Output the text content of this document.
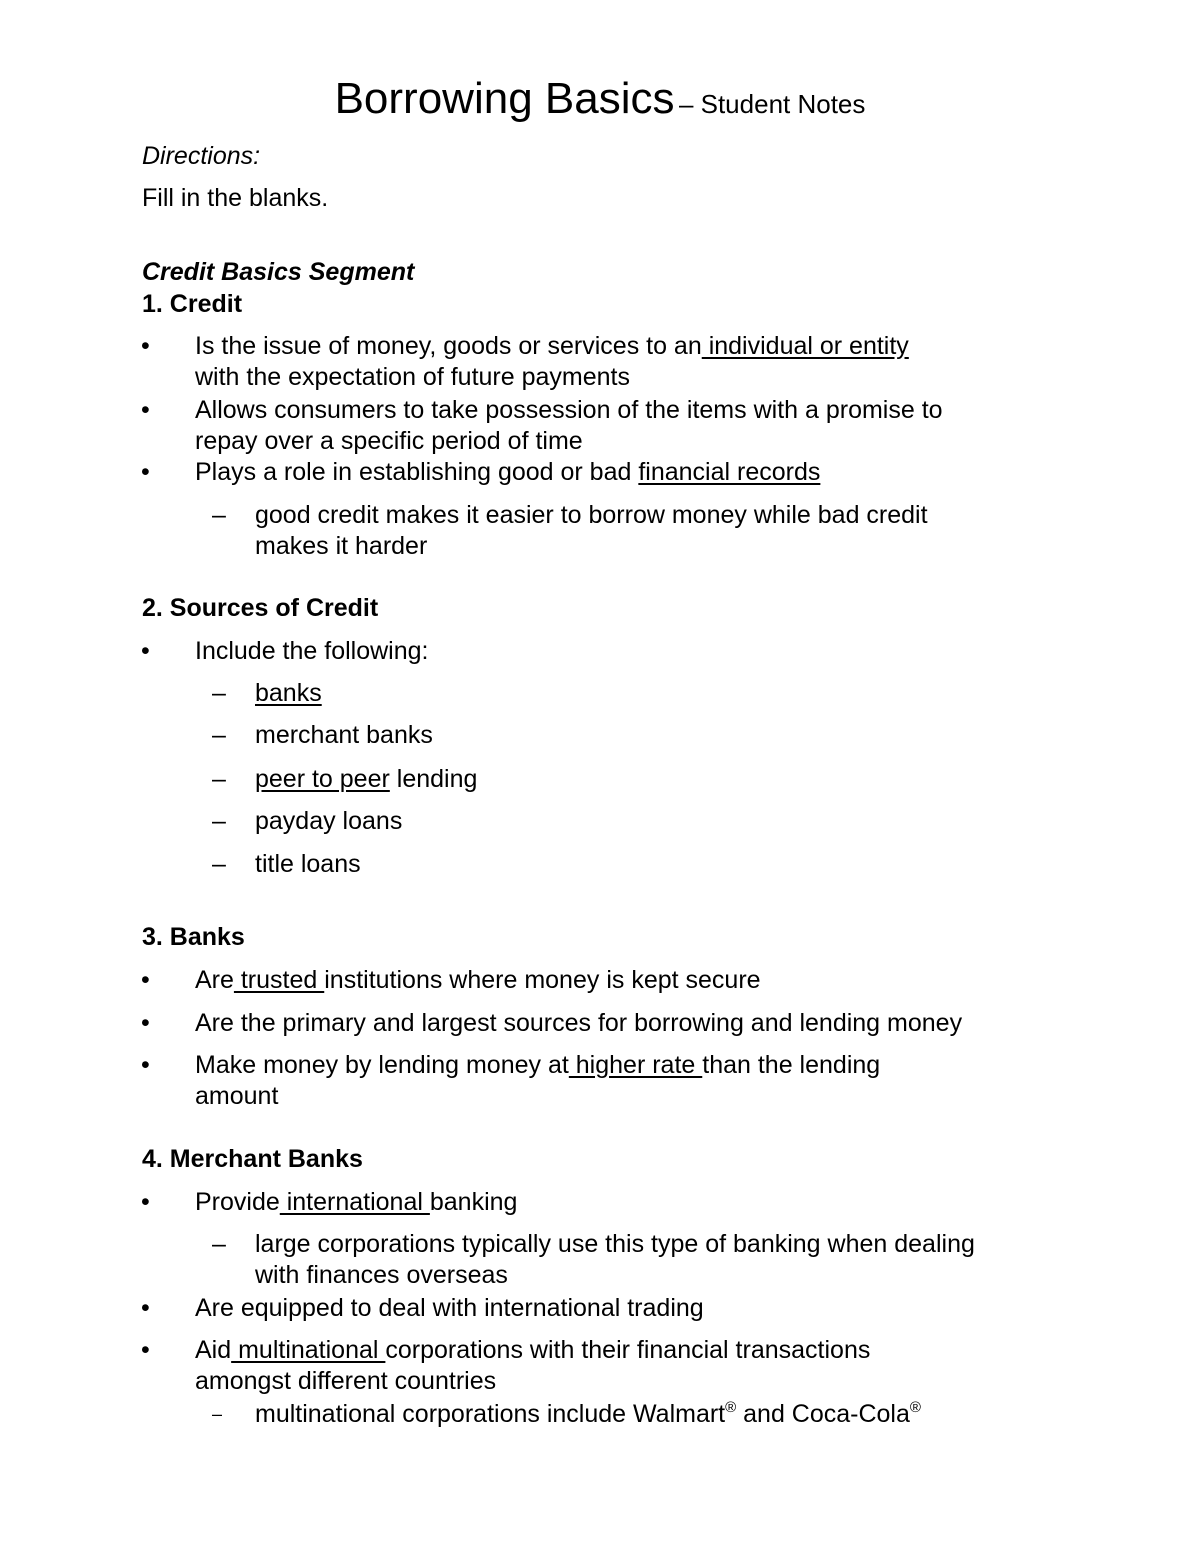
Borrowing Basics – Student Notes
Directions:
Fill in the blanks.
Credit Basics Segment
1. Credit
• Is the issue of money, goods or services to an individual or entity
with the expectation of future payments
• Allows consumers to take possession of the items with a promise to
repay over a specific period of time
• Plays a role in establishing good or bad financial records
– good credit makes it easier to borrow money while bad credit
makes it harder
2. Sources of Credit
• Include the following:
– banks
– merchant banks
– peer to peer lending
– payday loans
– title loans
3. Banks
• Are trusted institutions where money is kept secure
• Are the primary and largest sources for borrowing and lending money
• Make money by lending money at higher rate than the lending
amount
4. Merchant Banks
• Provide international banking
– large corporations typically use this type of banking when dealing
with finances overseas
• Are equipped to deal with international trading
• Aid multinational corporations with their financial transactions
amongst different countries
– multinational corporations include Walmart® and Coca-Cola®
